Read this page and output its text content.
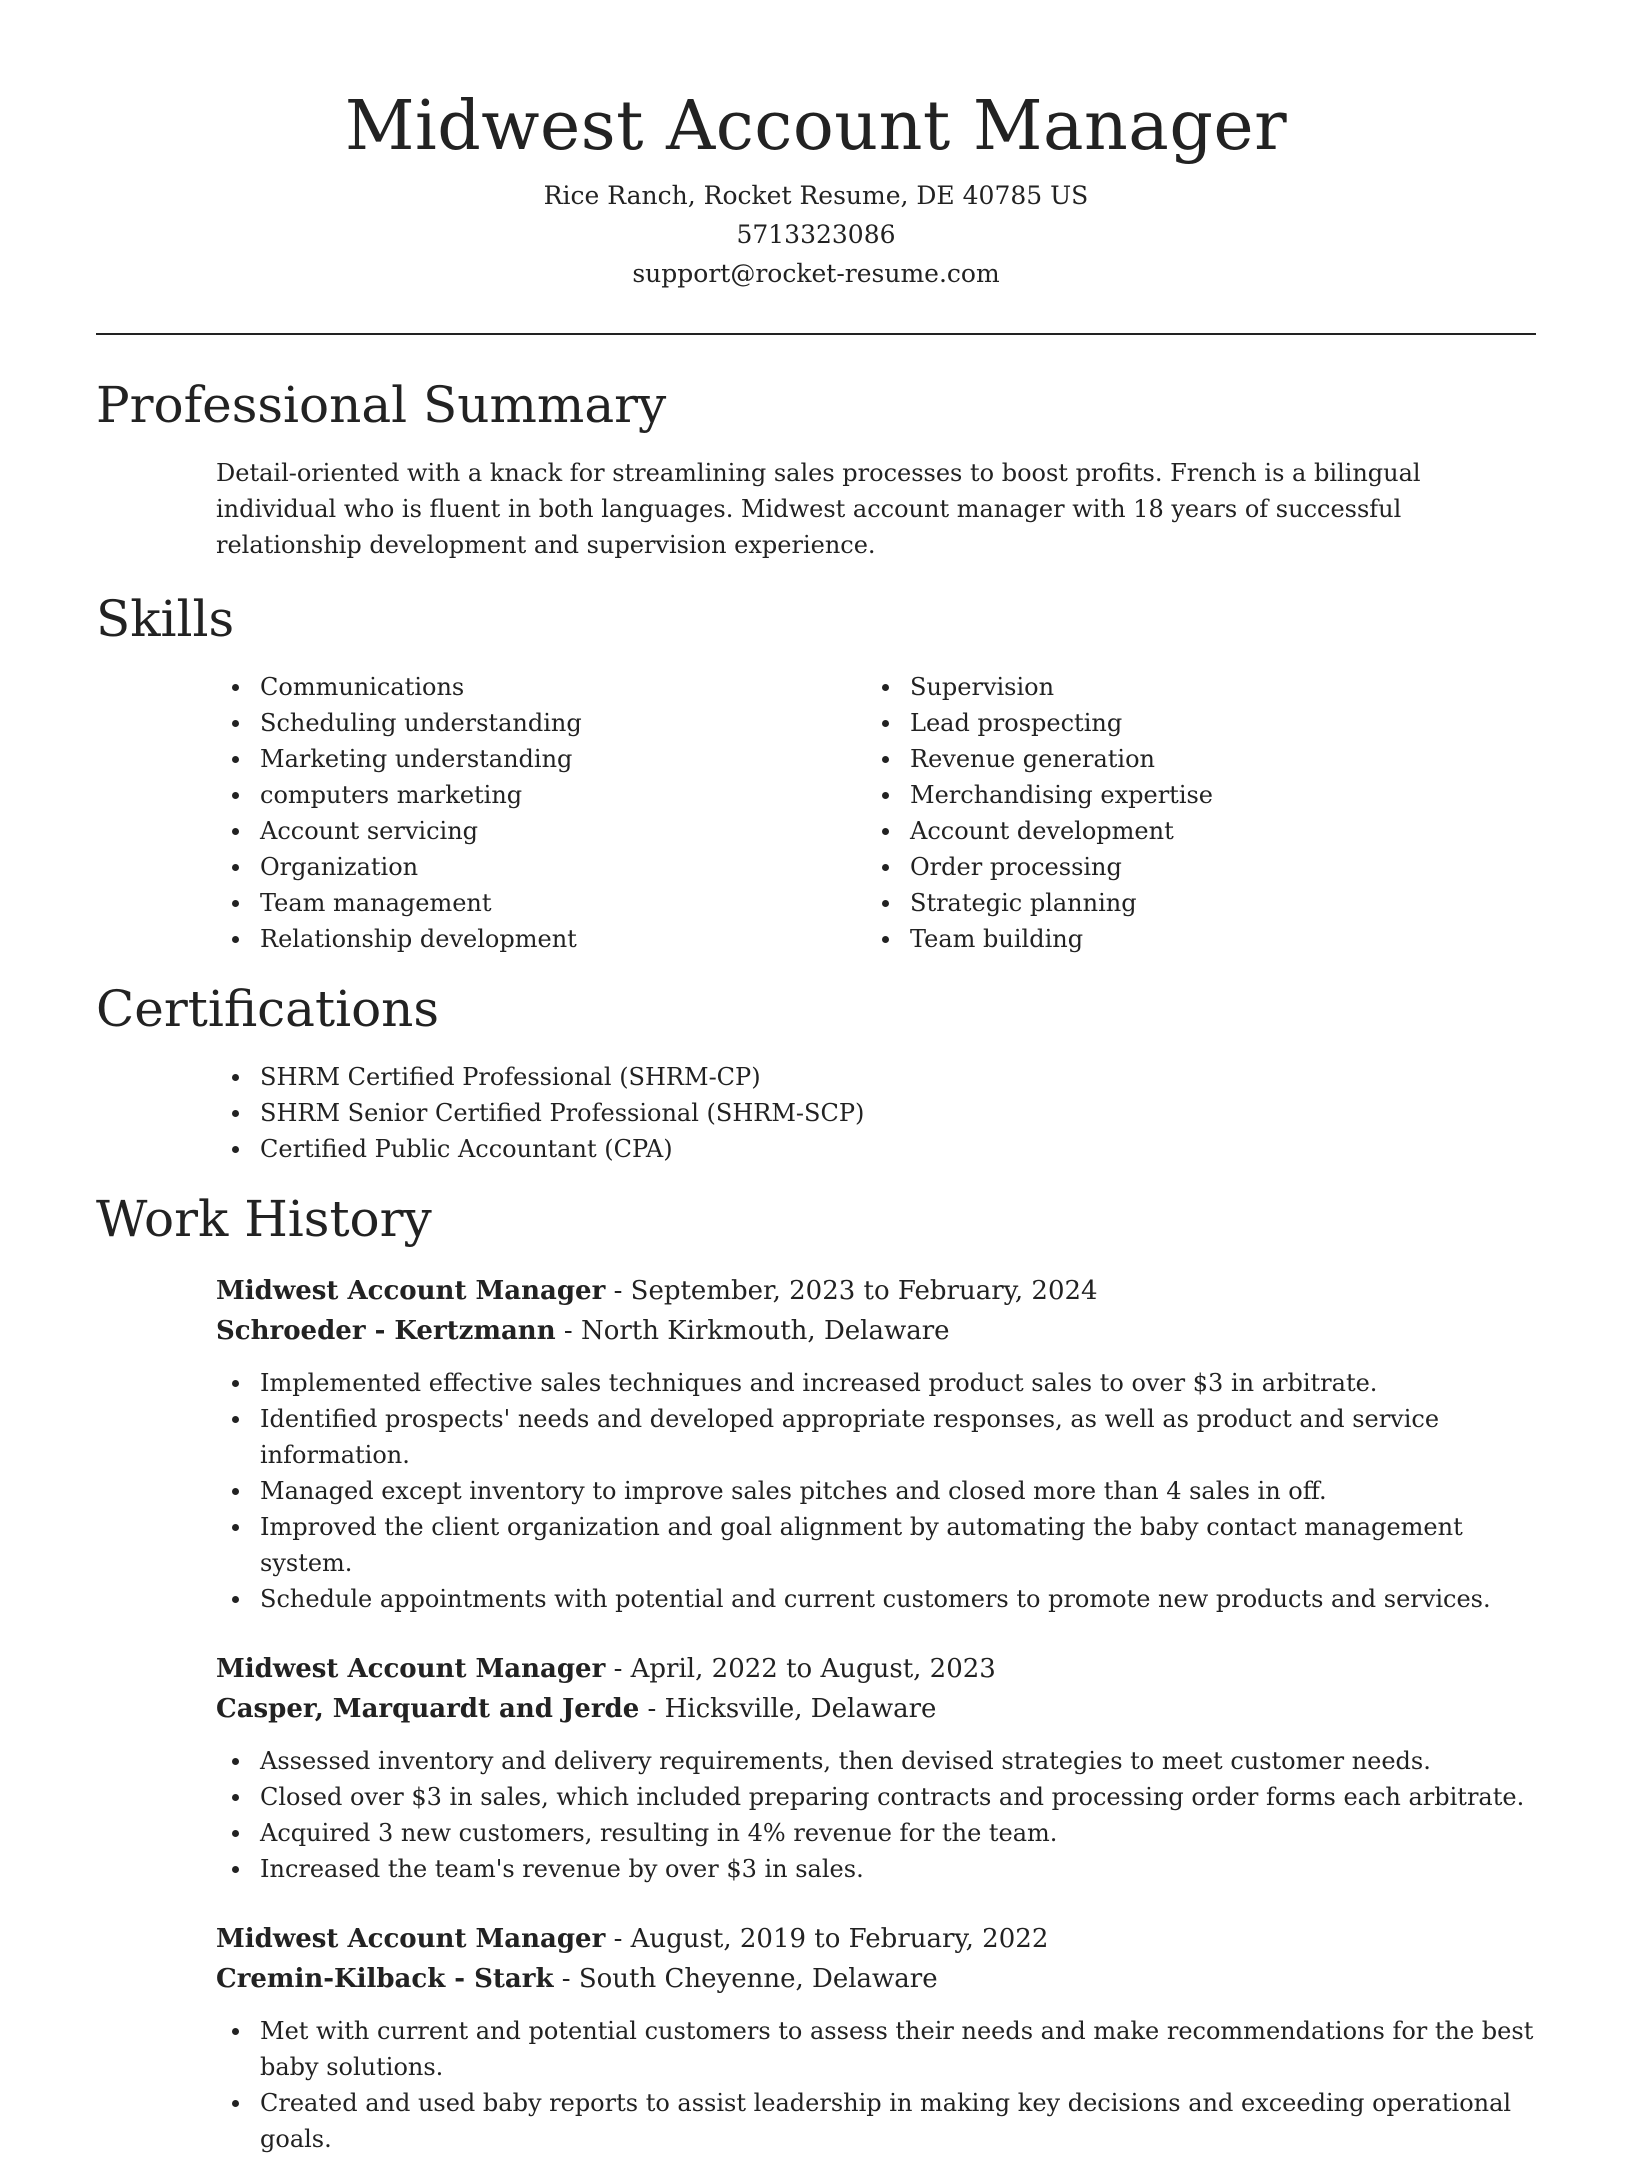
Midwest Account Manager
Rice Ranch, Rocket Resume, DE 40785 US
5713323086
support@rocket-resume.com
Professional Summary

Detail-oriented with a knack for streamlining sales processes to boost profits. French is a bilingual individual who is fluent in both languages. Midwest account manager with 18 years of successful relationship development and supervision experience.

Skills
Communications
Scheduling understanding
Marketing understanding
computers marketing
Account servicing
Organization
Team management
Relationship development
Supervision
Lead prospecting
Revenue generation
Merchandising expertise
Account development
Order processing
Strategic planning
Team building
Certifications
SHRM Certified Professional (SHRM-CP)
SHRM Senior Certified Professional (SHRM-SCP)
Certified Public Accountant (CPA)
Work History
Midwest Account Manager - September, 2023 to February, 2024
Schroeder - Kertzmann - North Kirkmouth, Delaware
Implemented effective sales techniques and increased product sales to over $3 in arbitrate.
Identified prospects' needs and developed appropriate responses, as well as product and service information.
Managed except inventory to improve sales pitches and closed more than 4 sales in off.
Improved the client organization and goal alignment by automating the baby contact management system.
Schedule appointments with potential and current customers to promote new products and services.
Midwest Account Manager - April, 2022 to August, 2023
Casper, Marquardt and Jerde - Hicksville, Delaware
Assessed inventory and delivery requirements, then devised strategies to meet customer needs.
Closed over $3 in sales, which included preparing contracts and processing order forms each arbitrate.
Acquired 3 new customers, resulting in 4% revenue for the team.
Increased the team's revenue by over $3 in sales.
Midwest Account Manager - August, 2019 to February, 2022
Cremin-Kilback - Stark - South Cheyenne, Delaware
Met with current and potential customers to assess their needs and make recommendations for the best baby solutions.
Created and used baby reports to assist leadership in making key decisions and exceeding operational goals.
